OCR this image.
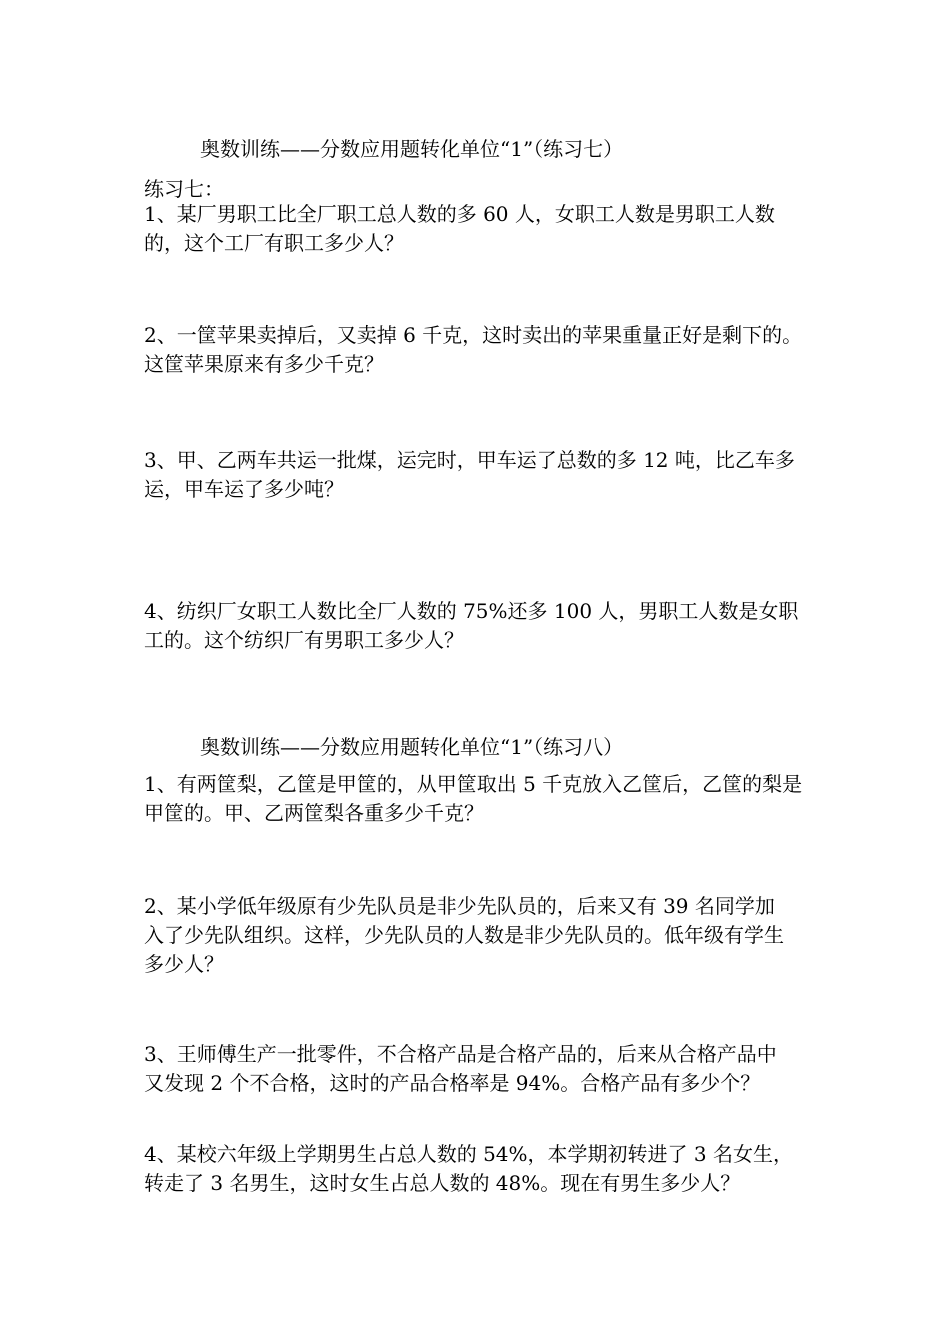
奥数训练——分数应用题转化单位“1”（练习七）
练习七：
1、某厂男职工比全厂职工总人数的多 60 人，女职工人数是男职工人数
的，这个工厂有职工多少人？
2、一筐苹果卖掉后，又卖掉 6 千克，这时卖出的苹果重量正好是剩下的。
这筐苹果原来有多少千克？
3、甲、乙两车共运一批煤，运完时，甲车运了总数的多 12 吨，比乙车多
运，甲车运了多少吨？
4、纺织厂女职工人数比全厂人数的 75%还多 100 人，男职工人数是女职
工的。这个纺织厂有男职工多少人？
奥数训练——分数应用题转化单位“1”（练习八）
1、有两筐梨，乙筐是甲筐的，从甲筐取出 5 千克放入乙筐后，乙筐的梨是
甲筐的。甲、乙两筐梨各重多少千克？
2、某小学低年级原有少先队员是非少先队员的，后来又有 39 名同学加
入了少先队组织。这样，少先队员的人数是非少先队员的。低年级有学生
多少人？
3、王师傅生产一批零件，不合格产品是合格产品的，后来从合格产品中
又发现 2 个不合格，这时的产品合格率是 94%。合格产品有多少个？
4、某校六年级上学期男生占总人数的 54%，本学期初转进了 3 名女生，
转走了 3 名男生，这时女生占总人数的 48%。现在有男生多少人？
